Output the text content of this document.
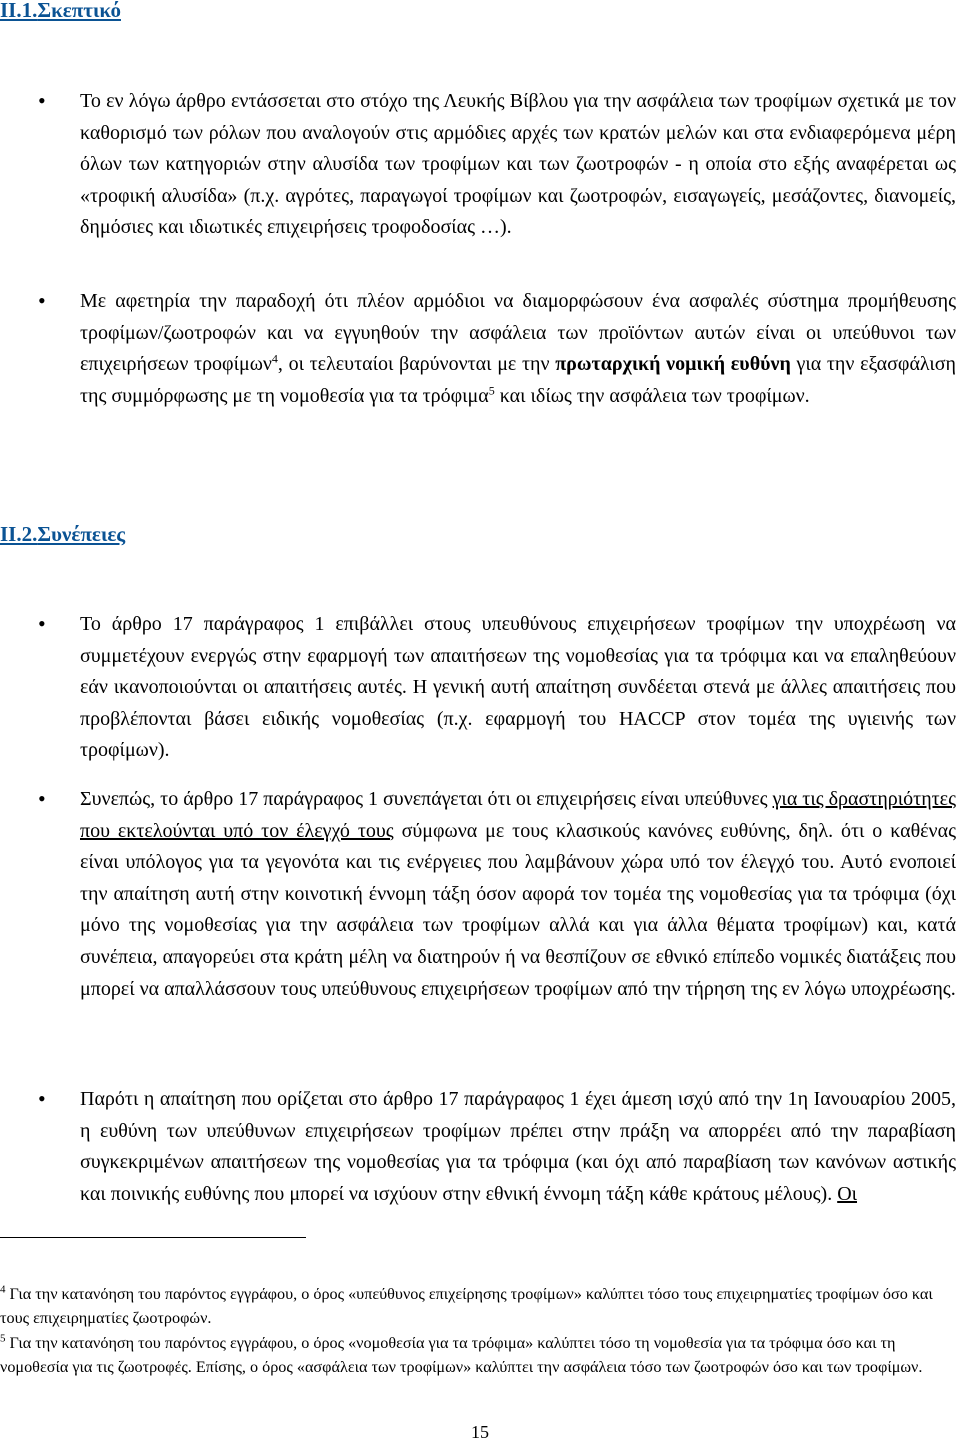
II.1.Σκεπτικό
• Το εν λόγω άρθρο εντάσσεται στο στόχο της Λευκής Βίβλου για την ασφάλεια των τροφίμων σχετικά με τον καθορισμό των ρόλων που αναλογούν στις αρμόδιες αρχές των κρατών μελών και στα ενδιαφερόμενα μέρη όλων των κατηγοριών στην αλυσίδα των τροφίμων και των ζωοτροφών - η οποία στο εξής αναφέρεται ως «τροφική αλυσίδα» (π.χ. αγρότες, παραγωγοί τροφίμων και ζωοτροφών, εισαγωγείς, μεσάζοντες, διανομείς, δημόσιες και ιδιωτικές επιχειρήσεις τροφοδοσίας …).

• Με αφετηρία την παραδοχή ότι πλέον αρμόδιοι να διαμορφώσουν ένα ασφαλές σύστημα προμήθευσης τροφίμων/ζωοτροφών και να εγγυηθούν την ασφάλεια των προϊόντων αυτών είναι οι υπεύθυνοι των επιχειρήσεων τροφίμων$^4$, οι τελευταίοι βαρύνονται με την πρωταρχική νομική ευθύνη για την εξασφάλιση της συμμόρφωσης με τη νομοθεσία για τα τρόφιμα$^5$ και ιδίως την ασφάλεια των τροφίμων.

II.2.Συνέπειες
• Το άρθρο 17 παράγραφος 1 επιβάλλει στους υπευθύνους επιχειρήσεων τροφίμων την υποχρέωση να συμμετέχουν ενεργώς στην εφαρμογή των απαιτήσεων της νομοθεσίας για τα τρόφιμα και να επαληθεύουν εάν ικανοποιούνται οι απαιτήσεις αυτές. Η γενική αυτή απαίτηση συνδέεται στενά με άλλες απαιτήσεις που προβλέπονται βάσει ειδικής νομοθεσίας (π.χ. εφαρμογή του HACCP στον τομέα της υγιεινής των τροφίμων).

• Συνεπώς, το άρθρο 17 παράγραφος 1 συνεπάγεται ότι οι επιχειρήσεις είναι υπεύθυνες για τις δραστηριότητες που εκτελούνται υπό τον έλεγχό τους σύμφωνα με τους κλασικούς κανόνες ευθύνης, δηλ. ότι ο καθένας είναι υπόλογος για τα γεγονότα και τις ενέργειες που λαμβάνουν χώρα υπό τον έλεγχό του. Αυτό ενοποιεί την απαίτηση αυτή στην κοινοτική έννομη τάξη όσον αφορά τον τομέα της νομοθεσίας για τα τρόφιμα (όχι μόνο της νομοθεσίας για την ασφάλεια των τροφίμων αλλά και για άλλα θέματα τροφίμων) και, κατά συνέπεια, απαγορεύει στα κράτη μέλη να διατηρούν ή να θεσπίζουν σε εθνικό επίπεδο νομικές διατάξεις που μπορεί να απαλλάσσουν τους υπεύθυνους επιχειρήσεων τροφίμων από την τήρηση της εν λόγω υποχρέωσης.

• Παρότι η απαίτηση που ορίζεται στο άρθρο 17 παράγραφος 1 έχει άμεση ισχύ από την 1η Ιανουαρίου 2005, η ευθύνη των υπεύθυνων επιχειρήσεων τροφίμων πρέπει στην πράξη να απορρέει από την παραβίαση συγκεκριμένων απαιτήσεων της νομοθεσίας για τα τρόφιμα (και όχι από παραβίαση των κανόνων αστικής και ποινικής ευθύνης που μπορεί να ισχύουν στην εθνική έννομη τάξη κάθε κράτους μέλους). Οι

$^4$ Για την κατανόηση του παρόντος εγγράφου, ο όρος «υπεύθυνος επιχείρησης τροφίμων» καλύπτει τόσο τους επιχειρηματίες τροφίμων όσο και τους επιχειρηματίες ζωοτροφών.

$^5$ Για την κατανόηση του παρόντος εγγράφου, ο όρος «νομοθεσία για τα τρόφιμα» καλύπτει τόσο τη νομοθεσία για τα τρόφιμα όσο και τη νομοθεσία για τις ζωοτροφές. Επίσης, ο όρος «ασφάλεια των τροφίμων» καλύπτει την ασφάλεια τόσο των ζωοτροφών όσο και των τροφίμων.

15
